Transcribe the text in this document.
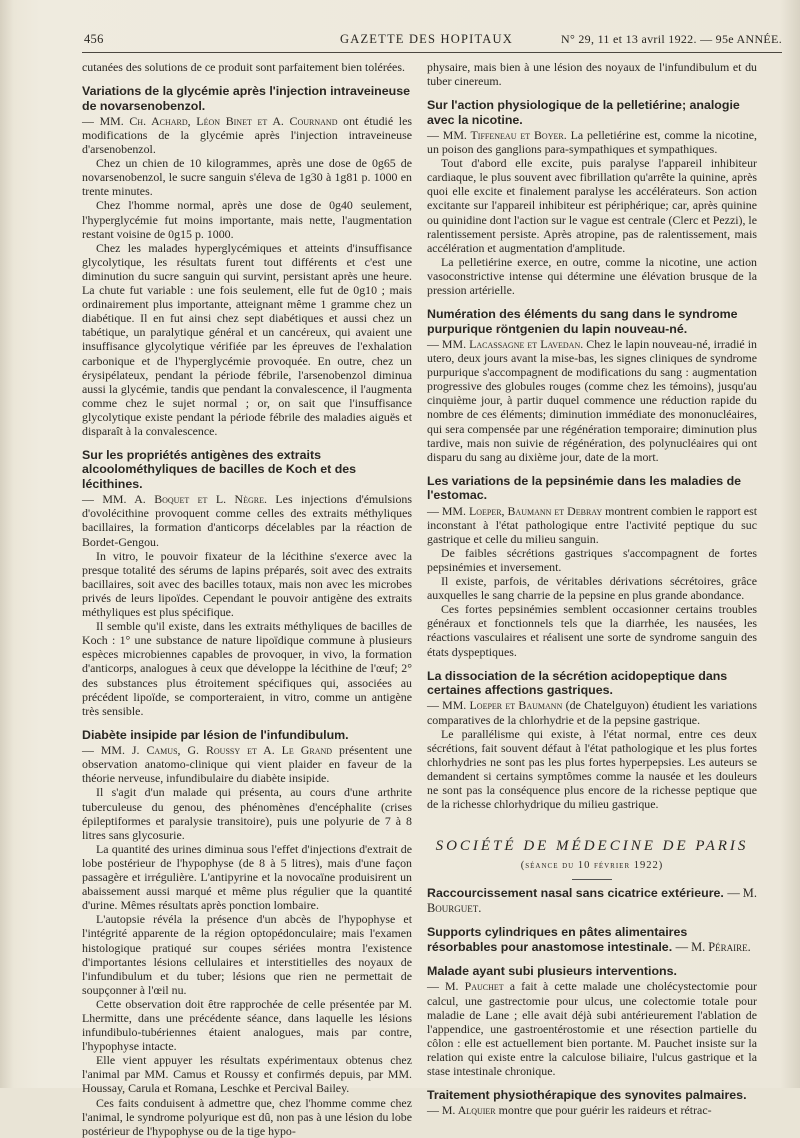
456	GAZETTE DES HOPITAUX	N° 29, 11 et 13 avril 1922. — 95e ANNÉE.

cutanées des solutions de ce produit sont parfaitement bien tolérées.

Variations de la glycémie après l'injection intraveineuse de novarsenobenzol.

— MM. Ch. Achard, Léon Binet et A. Cournand ont étudié les modifications de la glycémie après l'injection intraveineuse d'arsenobenzol.

Chez un chien de 10 kilogrammes, après une dose de 0g65 de novarsenobenzol, le sucre sanguin s'éleva de 1g30 à 1g81 p. 1000 en trente minutes.

Chez l'homme normal, après une dose de 0g40 seulement, l'hyperglycémie fut moins importante, mais nette, l'augmentation restant voisine de 0g15 p. 1000.

Chez les malades hyperglycémiques et atteints d'insuffisance glycolytique, les résultats furent tout différents et c'est une diminution du sucre sanguin qui survint, persistant après une heure. La chute fut variable : une fois seulement, elle fut de 0g10 ; mais ordinairement plus importante, atteignant même 1 gramme chez un diabétique. Il en fut ainsi chez sept diabétiques et aussi chez un tabétique, un paralytique général et un cancéreux, qui avaient une insuffisance glycolytique vérifiée par les épreuves de l'exhalation carbonique et de l'hyperglycémie provoquée. En outre, chez un érysipélateux, pendant la période fébrile, l'arsenobenzol diminua aussi la glycémie, tandis que pendant la convalescence, il l'augmenta comme chez le sujet normal ; or, on sait que l'insuffisance glycolytique existe pendant la période fébrile des maladies aiguës et disparaît à la convalescence.

Sur les propriétés antigènes des extraits alcoolométhyliques de bacilles de Koch et des lécithines.

— MM. A. Boquet et L. Nègre. Les injections d'émulsions d'ovolécithine provoquent comme celles des extraits méthyliques bacillaires, la formation d'anticorps décelables par la réaction de Bordet-Gengou.

In vitro, le pouvoir fixateur de la lécithine s'exerce avec la presque totalité des sérums de lapins préparés, soit avec des extraits bacillaires, soit avec des bacilles totaux, mais non avec les microbes privés de leurs lipoïdes. Cependant le pouvoir antigène des extraits méthyliques est plus spécifique.

Il semble qu'il existe, dans les extraits méthyliques de bacilles de Koch : 1° une substance de nature lipoïdique commune à plusieurs espèces microbiennes capables de provoquer, in vivo, la formation d'anticorps, analogues à ceux que développe la lécithine de l'œuf; 2° des substances plus étroitement spécifiques qui, associées au précédent lipoïde, se comporteraient, in vitro, comme un antigène très sensible.

Diabète insipide par lésion de l'infundibulum.

— MM. J. Camus, G. Roussy et A. Le Grand présentent une observation anatomo-clinique qui vient plaider en faveur de la théorie nerveuse, infundibulaire du diabète insipide.

Il s'agit d'un malade qui présenta, au cours d'une arthrite tuberculeuse du genou, des phénomènes d'encéphalite (crises épileptiformes et paralysie transitoire), puis une polyurie de 7 à 8 litres sans glycosurie.

La quantité des urines diminua sous l'effet d'injections d'extrait de lobe postérieur de l'hypophyse (de 8 à 5 litres), mais d'une façon passagère et irrégulière. L'antipyrine et la novocaïne produisirent un abaissement aussi marqué et même plus régulier que la quantité d'urine. Mêmes résultats après ponction lombaire.

L'autopsie révéla la présence d'un abcès de l'hypophyse et l'intégrité apparente de la région optopédonculaire; mais l'examen histologique pratiqué sur coupes sériées montra l'existence d'importantes lésions cellulaires et interstitielles des noyaux de l'infundibulum et du tuber; lésions que rien ne permettait de soupçonner à l'œil nu.

Cette observation doit être rapprochée de celle présentée par M. Lhermitte, dans une précédente séance, dans laquelle les lésions infundibulo-tubériennes étaient analogues, mais par contre, l'hypophyse intacte.

Elle vient appuyer les résultats expérimentaux obtenus chez l'animal par MM. Camus et Roussy et confirmés depuis, par MM. Houssay, Carula et Romana, Leschke et Percival Bailey.

Ces faits conduisent à admettre que, chez l'homme comme chez l'animal, le syndrome polyurique est dû, non pas à une lésion du lobe postérieur de l'hypophyse ou de la tige hypo-

physaire, mais bien à une lésion des noyaux de l'infundibulum et du tuber cinereum.

Sur l'action physiologique de la pelletiérine; analogie avec la nicotine.

— MM. Tiffeneau et Boyer. La pelletiérine est, comme la nicotine, un poison des ganglions para-sympathiques et sympathiques.

Tout d'abord elle excite, puis paralyse l'appareil inhibiteur cardiaque, le plus souvent avec fibrillation qu'arrête la quinine, après quoi elle excite et finalement paralyse les accélérateurs. Son action excitante sur l'appareil inhibiteur est périphérique; car, après quinine ou quinidine dont l'action sur le vague est centrale (Clerc et Pezzi), le ralentissement persiste. Après atropine, pas de ralentissement, mais accélération et augmentation d'amplitude.

La pelletiérine exerce, en outre, comme la nicotine, une action vasoconstrictive intense qui détermine une élévation brusque de la pression artérielle.

Numération des éléments du sang dans le syndrome purpurique röntgenien du lapin nouveau-né.

— MM. Lacassagne et Lavedan. Chez le lapin nouveau-né, irradié in utero, deux jours avant la mise-bas, les signes cliniques de syndrome purpurique s'accompagnent de modifications du sang : augmentation progressive des globules rouges (comme chez les témoins), jusqu'au cinquième jour, à partir duquel commence une réduction rapide du nombre de ces éléments; diminution immédiate des mononucléaires, qui sera compensée par une régénération temporaire; diminution plus tardive, mais non suivie de régénération, des polynucléaires qui ont disparu du sang au dixième jour, date de la mort.

Les variations de la pepsinémie dans les maladies de l'estomac.

— MM. Loeper, Baumann et Debray montrent combien le rapport est inconstant à l'état pathologique entre l'activité peptique du suc gastrique et celle du milieu sanguin.

De faibles sécrétions gastriques s'accompagnent de fortes pepsinémies et inversement.

Il existe, parfois, de véritables dérivations sécrétoires, grâce auxquelles le sang charrie de la pepsine en plus grande abondance.

Ces fortes pepsinémies semblent occasionner certains troubles généraux et fonctionnels tels que la diarrhée, les nausées, les réactions vasculaires et réalisent une sorte de syndrome sanguin des états dyspeptiques.

La dissociation de la sécrétion acidopeptique dans certaines affections gastriques.

— MM. Loeper et Baumann (de Chatelguyon) étudient les variations comparatives de la chlorhydrie et de la pepsine gastrique.

Le parallélisme qui existe, à l'état normal, entre ces deux sécrétions, fait souvent défaut à l'état pathologique et les plus fortes chlorhydries ne sont pas les plus fortes hyperpepsies. Les auteurs se demandent si certains symptômes comme la nausée et les douleurs ne sont pas la conséquence plus encore de la richesse peptique que de la richesse chlorhydrique du milieu gastrique.

SOCIÉTÉ DE MÉDECINE DE PARIS
(séance du 10 février 1922)
Raccourcissement nasal sans cicatrice extérieure. — M. Bourguet.
Supports cylindriques en pâtes alimentaires résorbables pour anastomose intestinale. — M. Péraire.
Malade ayant subi plusieurs interventions.

— M. Pauchet a fait à cette malade une cholécystectomie pour calcul, une gastrectomie pour ulcus, une colectomie totale pour maladie de Lane ; elle avait déjà subi antérieurement l'ablation de l'appendice, une gastroentérostomie et une résection partielle du côlon : elle est actuellement bien portante. M. Pauchet insiste sur la relation qui existe entre la calculose biliaire, l'ulcus gastrique et la stase intestinale chronique.

Traitement physiothérapique des synovites palmaires.

— M. Alquier montre que pour guérir les raideurs et rétrac-
